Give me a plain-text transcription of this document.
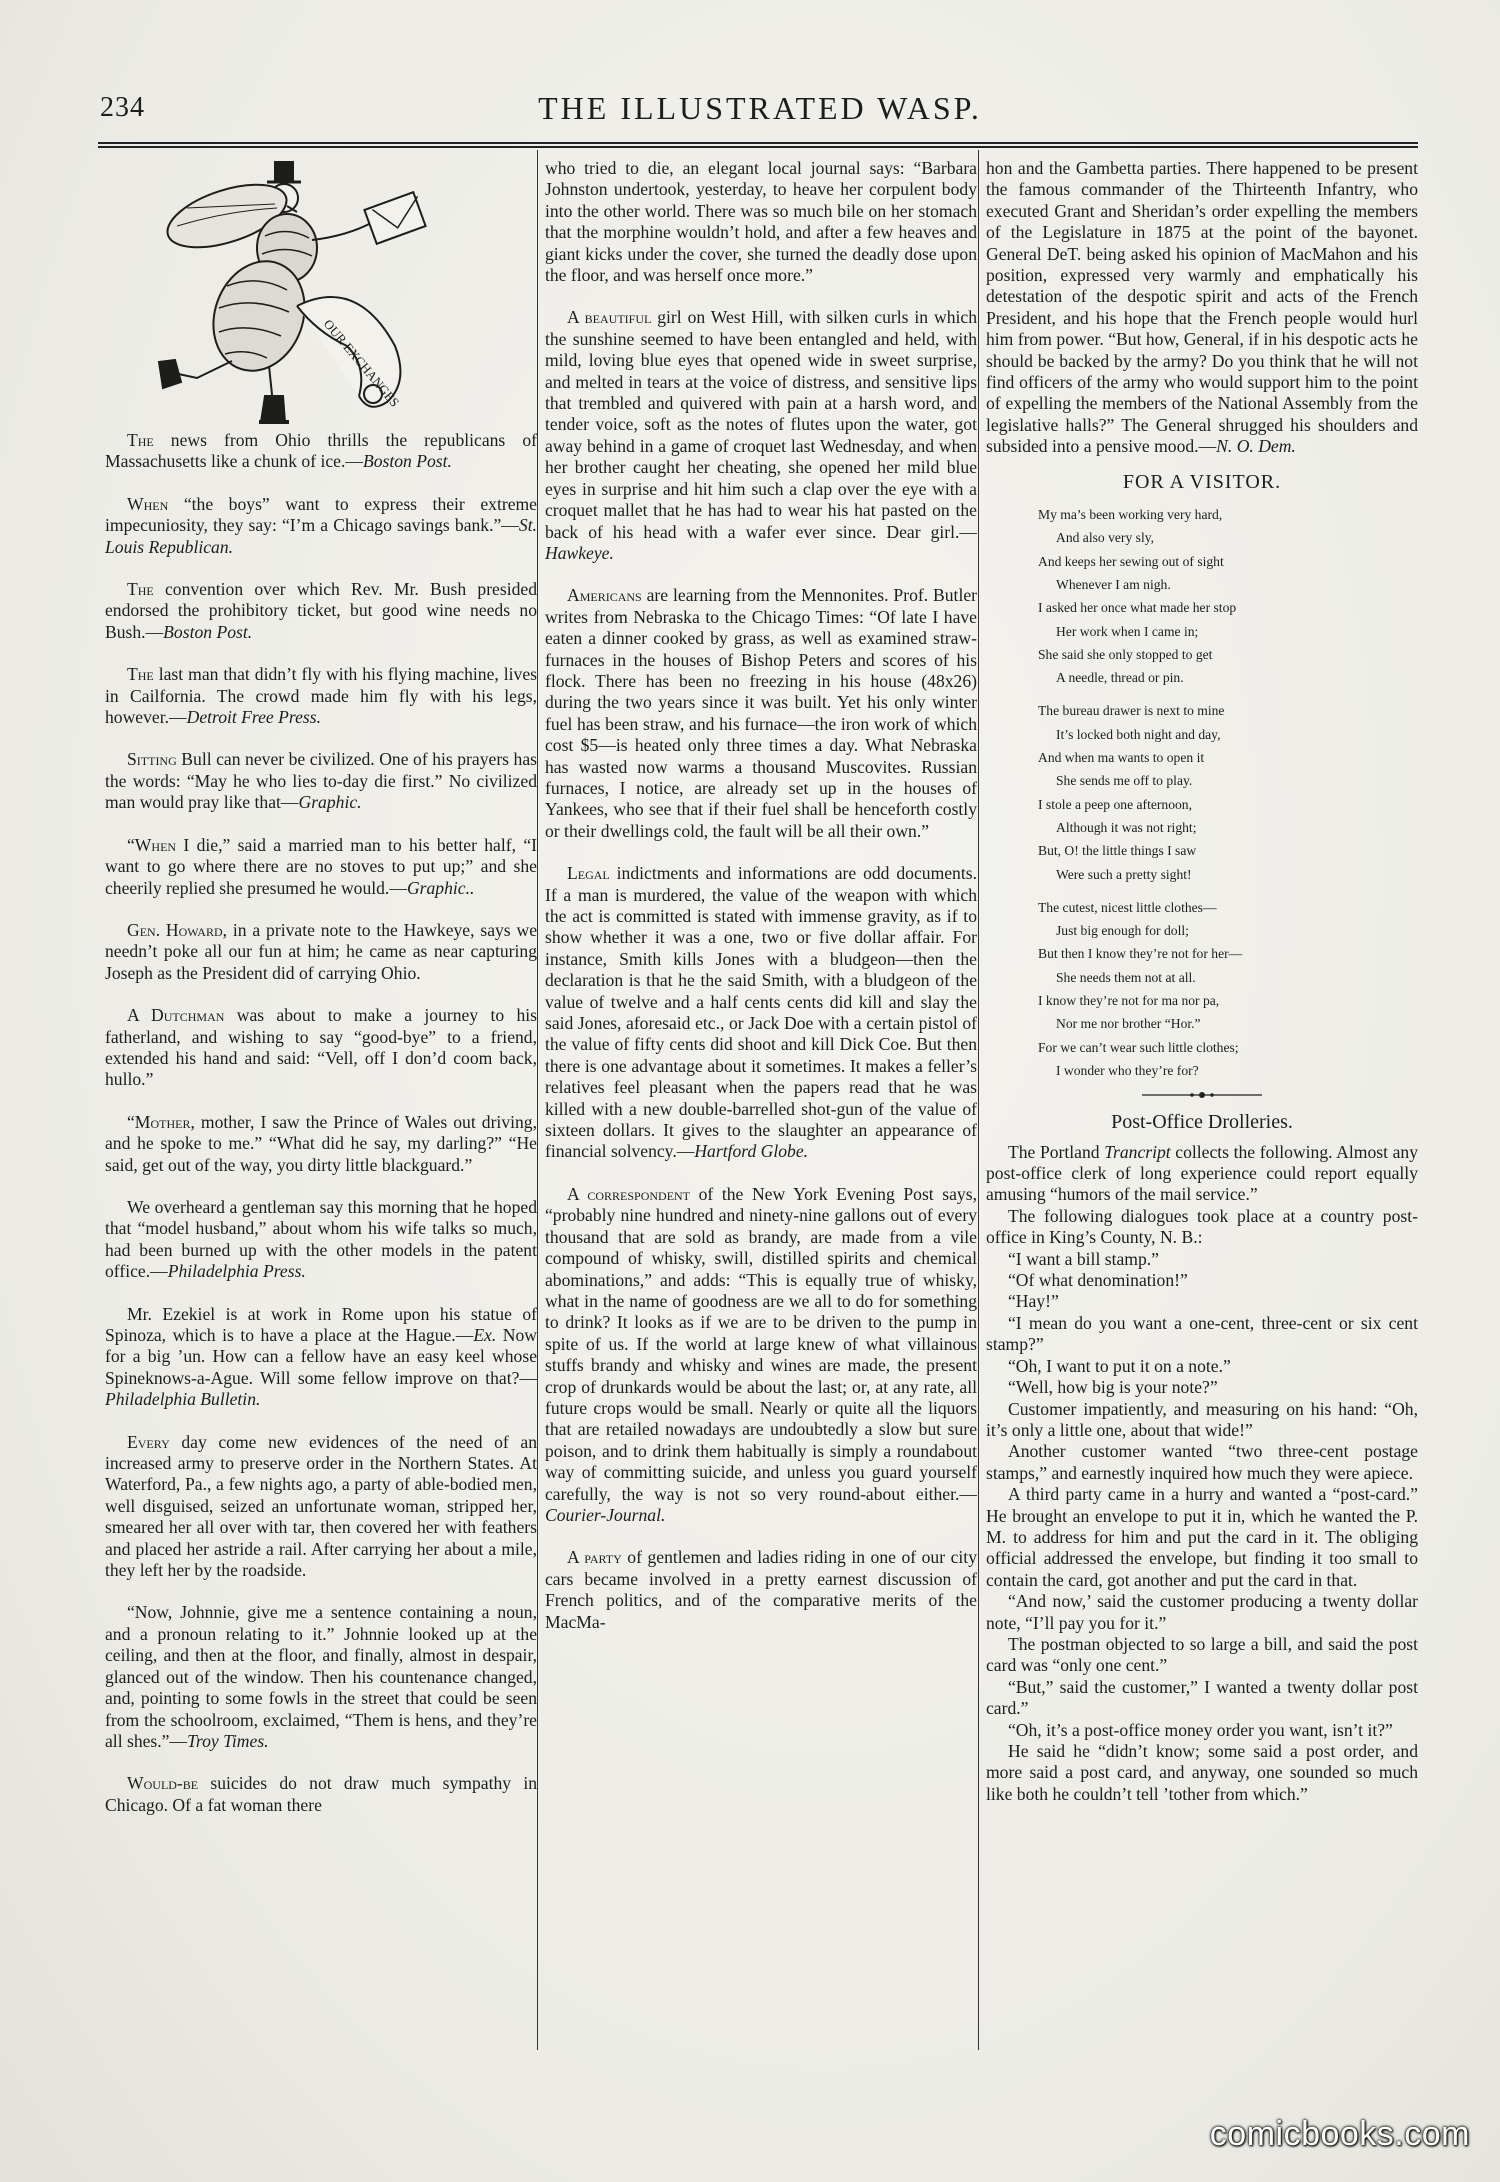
234	THE ILLUSTRATED WASP.
OUR EXCHANGES

The news from Ohio thrills the republicans of Massachusetts like a chunk of ice.—Boston Post.

When “the boys” want to express their extreme impecuniosity, they say: “I’m a Chicago savings bank.”—St. Louis Republican.

The convention over which Rev. Mr. Bush presided endorsed the prohibitory ticket, but good wine needs no Bush.—Boston Post.

The last man that didn’t fly with his flying machine, lives in Cailfornia. The crowd made him fly with his legs, however.—Detroit Free Press.

Sitting Bull can never be civilized. One of his prayers has the words: “May he who lies to-day die first.” No civilized man would pray like that—Graphic.

“When I die,” said a married man to his better half, “I want to go where there are no stoves to put up;” and she cheerily replied she presumed he would.—Graphic..

Gen. Howard, in a private note to the Hawkeye, says we needn’t poke all our fun at him; he came as near capturing Joseph as the President did of carrying Ohio.

A Dutchman was about to make a journey to his fatherland, and wishing to say “good-bye” to a friend, extended his hand and said: “Vell, off I don’d coom back, hullo.”

“Mother, mother, I saw the Prince of Wales out driving, and he spoke to me.” “What did he say, my darling?” “He said, get out of the way, you dirty little blackguard.”

We overheard a gentleman say this morning that he hoped that “model husband,” about whom his wife talks so much, had been burned up with the other models in the patent office.—Philadelphia Press.

Mr. Ezekiel is at work in Rome upon his statue of Spinoza, which is to have a place at the Hague.—Ex. Now for a big ’un. How can a fellow have an easy keel whose Spineknows-a-Ague. Will some fellow improve on that?—Philadelphia Bulletin.

Every day come new evidences of the need of an increased army to preserve order in the Northern States. At Waterford, Pa., a few nights ago, a party of able-bodied men, well disguised, seized an unfortunate woman, stripped her, smeared her all over with tar, then covered her with feathers and placed her astride a rail. After carrying her about a mile, they left her by the roadside.

“Now, Johnnie, give me a sentence containing a noun, and a pronoun relating to it.” Johnnie looked up at the ceiling, and then at the floor, and finally, almost in despair, glanced out of the window. Then his countenance changed, and, pointing to some fowls in the street that could be seen from the schoolroom, exclaimed, “Them is hens, and they’re all shes.”—Troy Times.

Would-be suicides do not draw much sympathy in Chicago. Of a fat woman there

who tried to die, an elegant local journal says: “Barbara Johnston undertook, yesterday, to heave her corpulent body into the other world. There was so much bile on her stomach that the morphine wouldn’t hold, and after a few heaves and giant kicks under the cover, she turned the deadly dose upon the floor, and was herself once more.”

A beautiful girl on West Hill, with silken curls in which the sunshine seemed to have been entangled and held, with mild, loving blue eyes that opened wide in sweet surprise, and melted in tears at the voice of distress, and sensitive lips that trembled and quivered with pain at a harsh word, and tender voice, soft as the notes of flutes upon the water, got away behind in a game of croquet last Wednesday, and when her brother caught her cheating, she opened her mild blue eyes in surprise and hit him such a clap over the eye with a croquet mallet that he has had to wear his hat pasted on the back of his head with a wafer ever since. Dear girl.—Hawkeye.

Americans are learning from the Mennonites. Prof. Butler writes from Nebraska to the Chicago Times: “Of late I have eaten a dinner cooked by grass, as well as examined straw-furnaces in the houses of Bishop Peters and scores of his flock. There has been no freezing in his house (48x26) during the two years since it was built. Yet his only winter fuel has been straw, and his furnace—the iron work of which cost $5—is heated only three times a day. What Nebraska has wasted now warms a thousand Muscovites. Russian furnaces, I notice, are already set up in the houses of Yankees, who see that if their fuel shall be henceforth costly or their dwellings cold, the fault will be all their own.”

Legal indictments and informations are odd documents. If a man is murdered, the value of the weapon with which the act is committed is stated with immense gravity, as if to show whether it was a one, two or five dollar affair. For instance, Smith kills Jones with a bludgeon—then the declaration is that he the said Smith, with a bludgeon of the value of twelve and a half cents cents did kill and slay the said Jones, aforesaid etc., or Jack Doe with a certain pistol of the value of fifty cents did shoot and kill Dick Coe. But then there is one advantage about it sometimes. It makes a feller’s relatives feel pleasant when the papers read that he was killed with a new double-barrelled shot-gun of the value of sixteen dollars. It gives to the slaughter an appearance of financial solvency.—Hartford Globe.

A correspondent of the New York Evening Post says, “probably nine hundred and ninety-nine gallons out of every thousand that are sold as brandy, are made from a vile compound of whisky, swill, distilled spirits and chemical abominations,” and adds: “This is equally true of whisky, what in the name of goodness are we all to do for something to drink? It looks as if we are to be driven to the pump in spite of us. If the world at large knew of what villainous stuffs brandy and whisky and wines are made, the present crop of drunkards would be about the last; or, at any rate, all future crops would be small. Nearly or quite all the liquors that are retailed nowadays are undoubtedly a slow but sure poison, and to drink them habitually is simply a roundabout way of committing suicide, and unless you guard yourself carefully, the way is not so very round-about either.—Courier-Journal.

A party of gentlemen and ladies riding in one of our city cars became involved in a pretty earnest discussion of French politics, and of the comparative merits of the MacMa-

hon and the Gambetta parties. There happened to be present the famous commander of the Thirteenth Infantry, who executed Grant and Sheridan’s order expelling the members of the Legislature in 1875 at the point of the bayonet. General DeT. being asked his opinion of MacMahon and his position, expressed very warmly and emphatically his detestation of the despotic spirit and acts of the French President, and his hope that the French people would hurl him from power. “But how, General, if in his despotic acts he should be backed by the army? Do you think that he will not find officers of the army who would support him to the point of expelling the members of the National Assembly from the legislative halls?” The General shrugged his shoulders and subsided into a pensive mood.—N. O. Dem.

FOR A VISITOR.
My ma’s been working very hard,
And also very sly,
And keeps her sewing out of sight
Whenever I am nigh.
I asked her once what made her stop
Her work when I came in;
She said she only stopped to get
A needle, thread or pin.
The bureau drawer is next to mine
It’s locked both night and day,
And when ma wants to open it
She sends me off to play.
I stole a peep one afternoon,
Although it was not right;
But, O! the little things I saw
Were such a pretty sight!
The cutest, nicest little clothes—
Just big enough for doll;
But then I know they’re not for her—
She needs them not at all.
I know they’re not for ma nor pa,
Nor me nor brother “Hor.”
For we can’t wear such little clothes;
I wonder who they’re for?
Post-Office Drolleries.

The Portland Trancript collects the following. Almost any post-office clerk of long experience could report equally amusing “humors of the mail service.”

The following dialogues took place at a country post-office in King’s County, N. B.:

“I want a bill stamp.”

“Of what denomination!”

“Hay!”

“I mean do you want a one-cent, three-cent or six cent stamp?”

“Oh, I want to put it on a note.”

“Well, how big is your note?”

Customer impatiently, and measuring on his hand: “Oh, it’s only a little one, about that wide!”

Another customer wanted “two three-cent postage stamps,” and earnestly inquired how much they were apiece.

A third party came in a hurry and wanted a “post-card.” He brought an envelope to put it in, which he wanted the P. M. to address for him and put the card in it. The obliging official addressed the envelope, but finding it too small to contain the card, got another and put the card in that.

“And now,’ said the customer producing a twenty dollar note, “I’ll pay you for it.”

The postman objected to so large a bill, and said the post card was “only one cent.”

“But,” said the customer,” I wanted a twenty dollar post card.”

“Oh, it’s a post-office money order you want, isn’t it?”

He said he “didn’t know; some said a post order, and more said a post card, and anyway, one sounded so much like both he couldn’t tell ’tother from which.”

comicbooks.com
